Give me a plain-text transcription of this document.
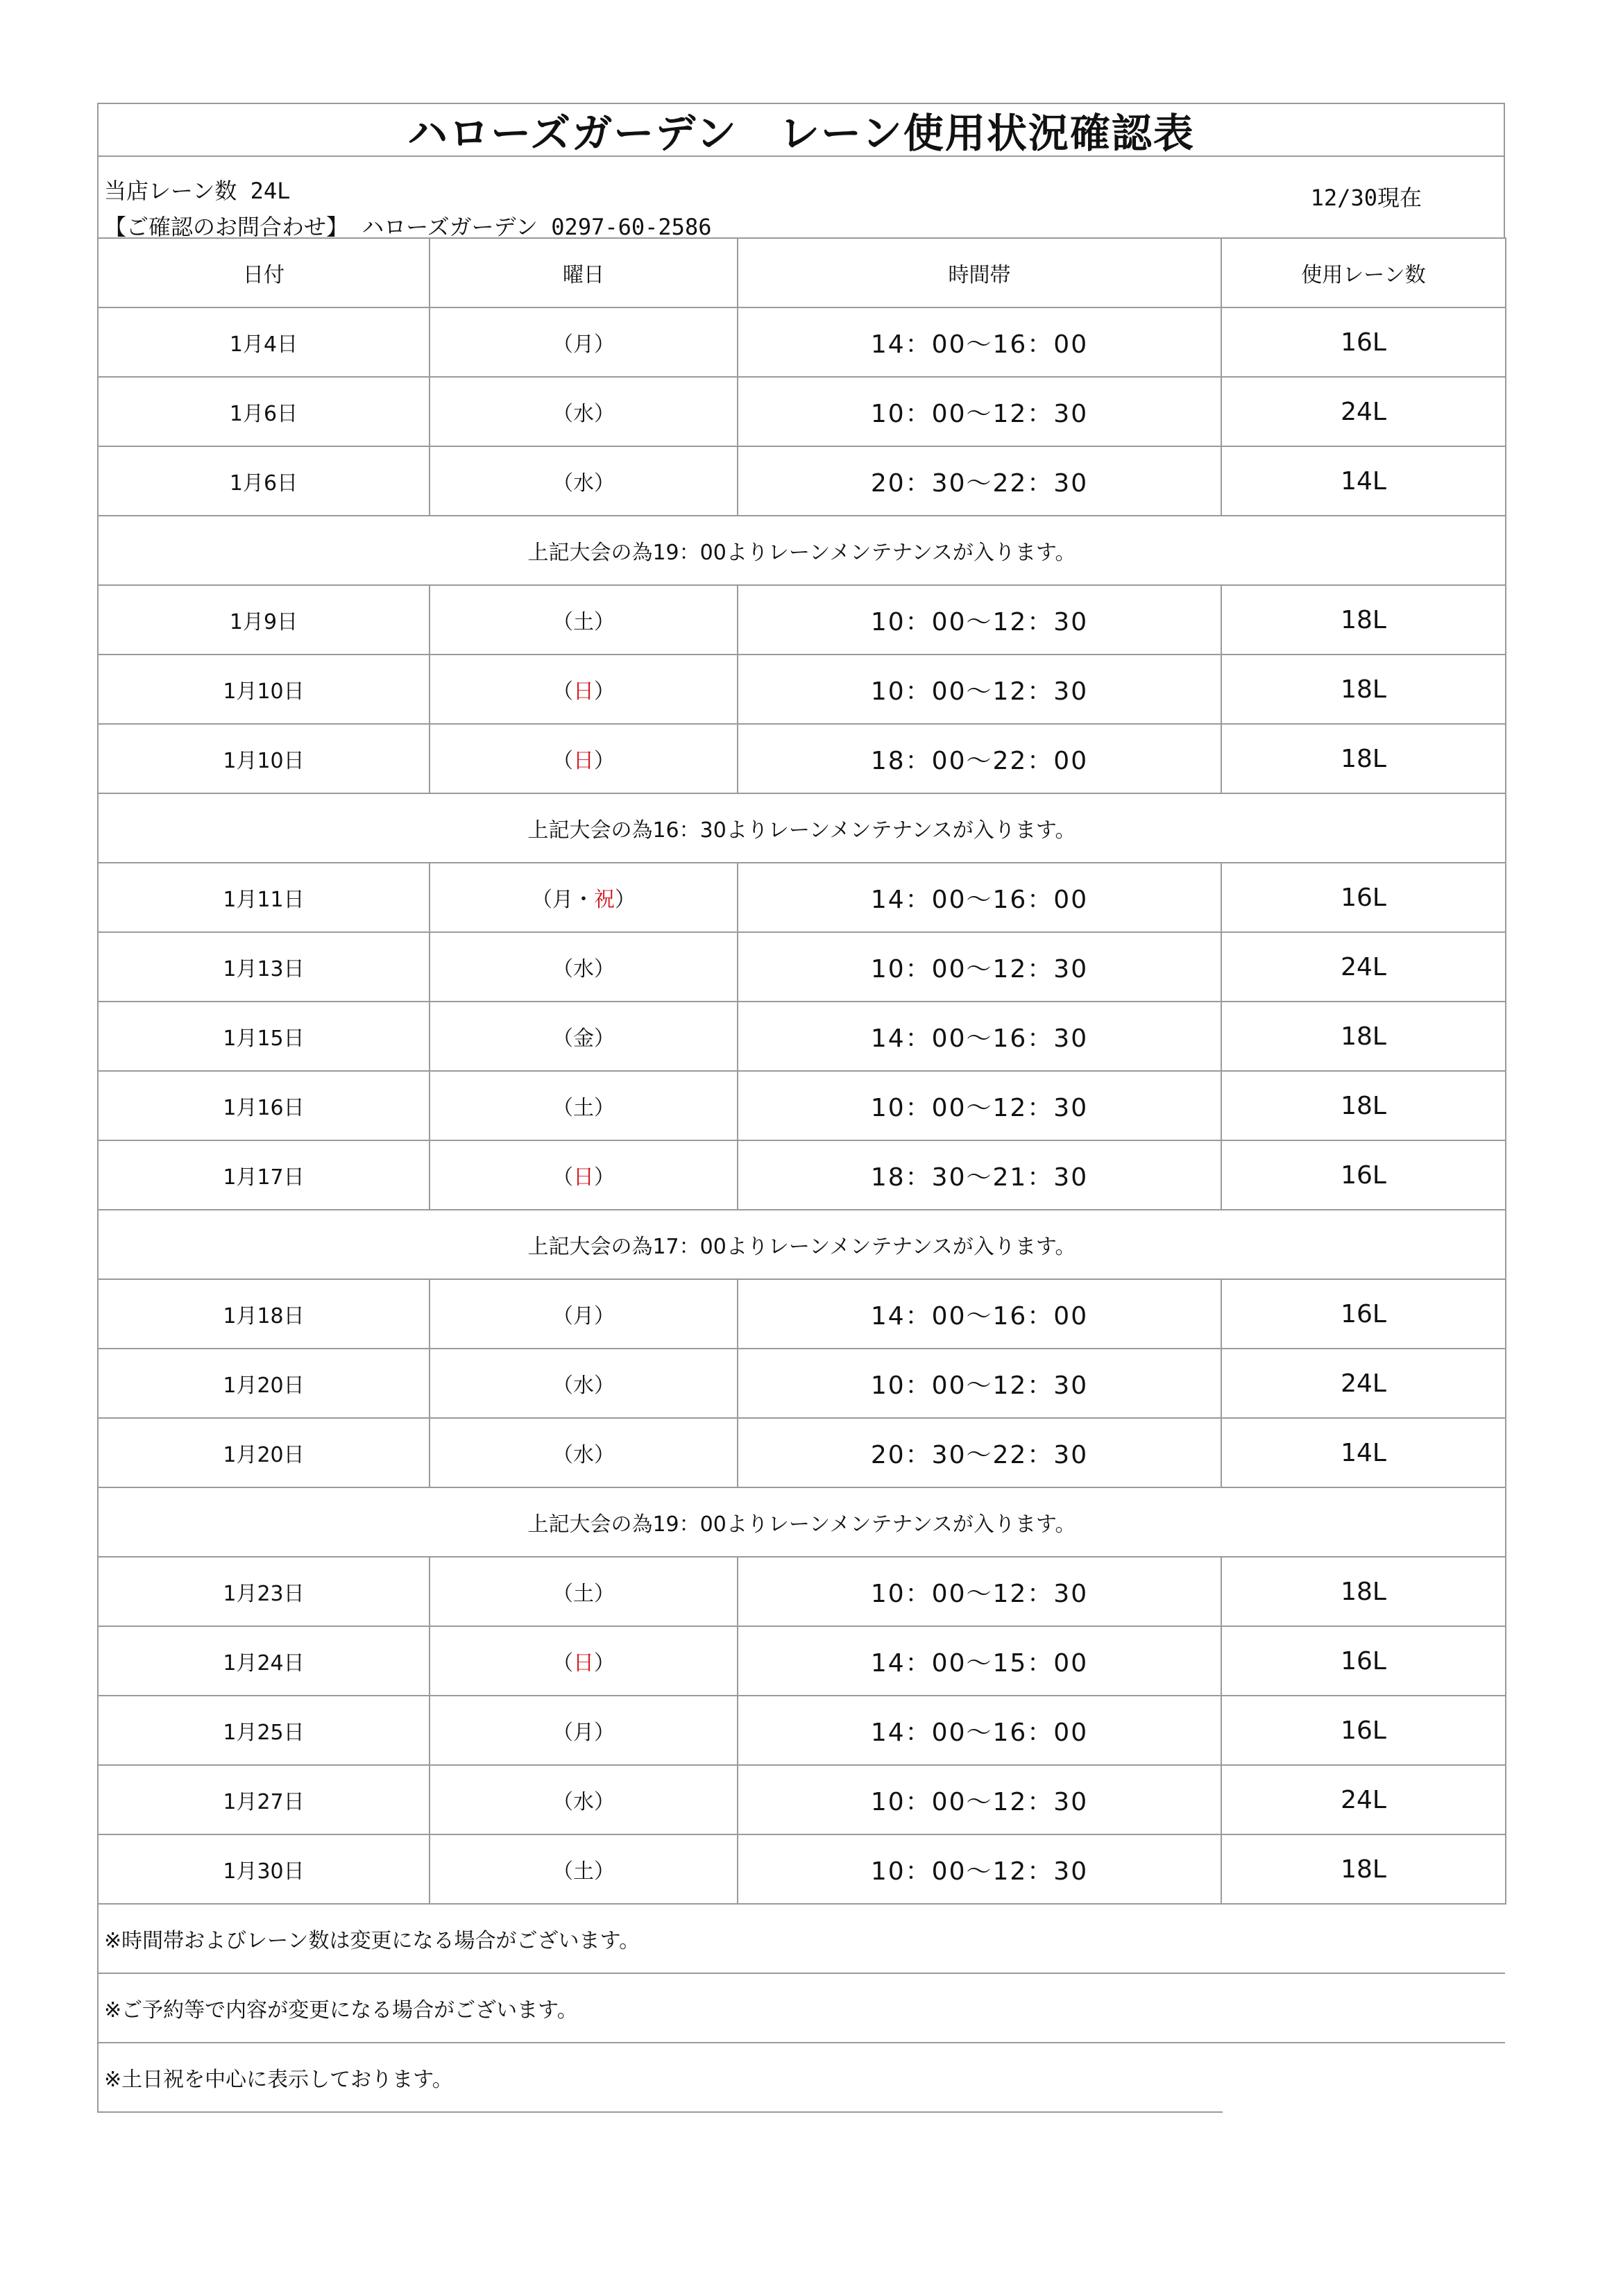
ハローズガーデン　レーン使用状況確認表
当店レーン数 24L
【ご確認のお問合わせ】 ハローズガーデン 0297-60-2586
12/30現在
日付	曜日	時間帯	使用レーン数
1月4日	（月）	14：00～16：00	16L
1月6日	（水）	10：00～12：30	24L
1月6日	（水）	20：30～22：30	14L
上記大会の為19：00よりレーンメンテナンスが入ります。			
1月9日	（土）	10：00～12：30	18L
1月10日	（日）	10：00～12：30	18L
1月10日	（日）	18：00～22：00	18L
上記大会の為16：30よりレーンメンテナンスが入ります。			
1月11日	（月・祝）	14：00～16：00	16L
1月13日	（水）	10：00～12：30	24L
1月15日	（金）	14：00～16：30	18L
1月16日	（土）	10：00～12：30	18L
1月17日	（日）	18：30～21：30	16L
上記大会の為17：00よりレーンメンテナンスが入ります。			
1月18日	（月）	14：00～16：00	16L
1月20日	（水）	10：00～12：30	24L
1月20日	（水）	20：30～22：30	14L
上記大会の為19：00よりレーンメンテナンスが入ります。			
1月23日	（土）	10：00～12：30	18L
1月24日	（日）	14：00～15：00	16L
1月25日	（月）	14：00～16：00	16L
1月27日	（水）	10：00～12：30	24L
1月30日	（土）	10：00～12：30	18L
※時間帯およびレーン数は変更になる場合がございます。
※ご予約等で内容が変更になる場合がございます。
※土日祝を中心に表示しております。
